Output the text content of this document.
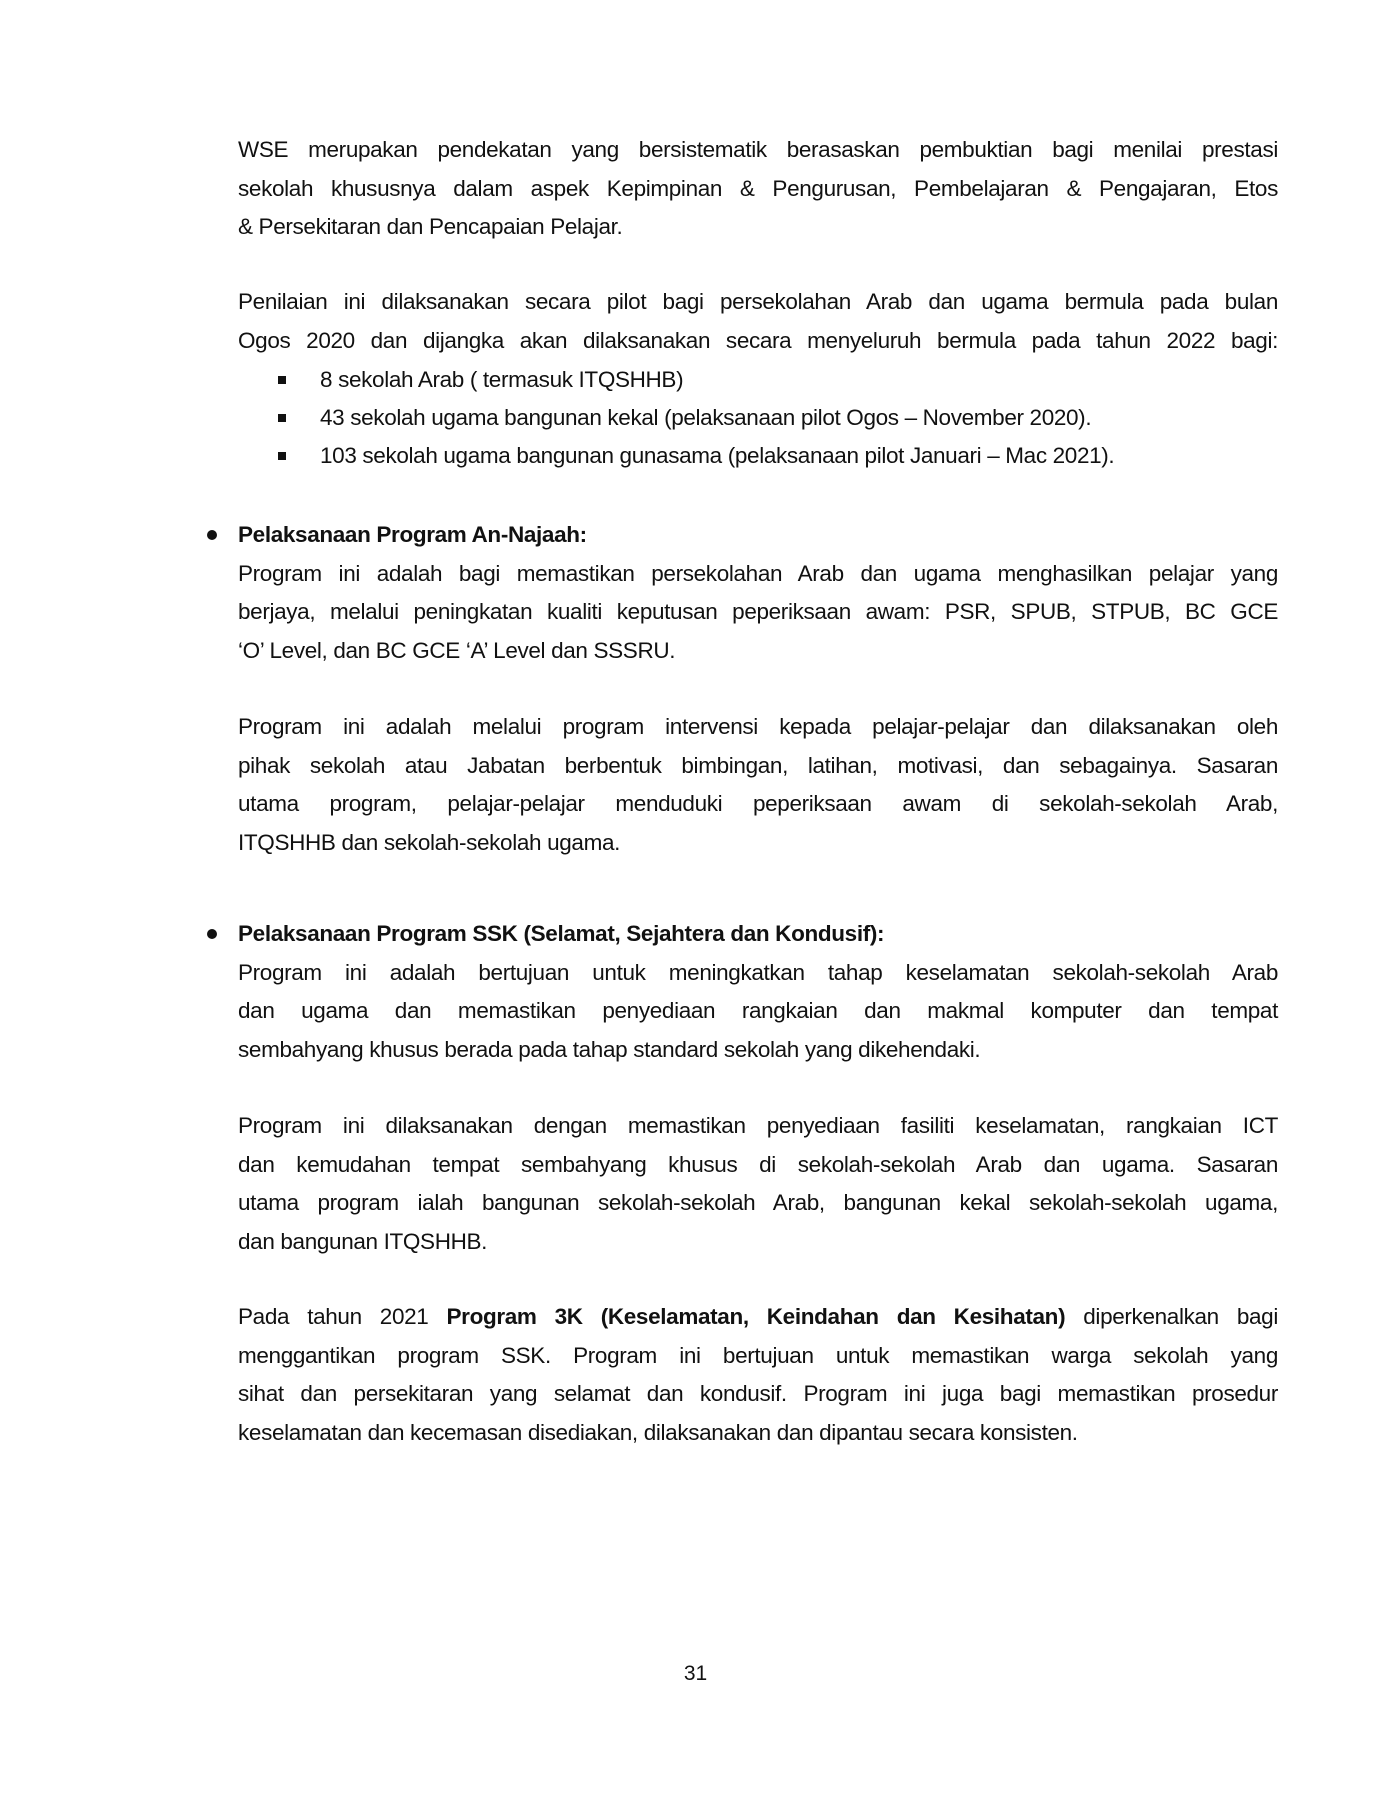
WSE merupakan pendekatan yang bersistematik berasaskan pembuktian bagi menilai prestasi
sekolah khususnya dalam aspek Kepimpinan & Pengurusan, Pembelajaran & Pengajaran, Etos
& Persekitaran dan Pencapaian Pelajar.
Penilaian ini dilaksanakan secara pilot bagi persekolahan Arab dan ugama bermula pada bulan
Ogos 2020 dan dijangka akan dilaksanakan secara menyeluruh bermula pada tahun 2022 bagi:
8 sekolah Arab ( termasuk ITQSHHB)
43 sekolah ugama bangunan kekal (pelaksanaan pilot Ogos – November 2020).
103 sekolah ugama bangunan gunasama (pelaksanaan pilot Januari – Mac 2021).
Pelaksanaan Program An-Najaah:
Program ini adalah bagi memastikan persekolahan Arab dan ugama menghasilkan pelajar yang
berjaya, melalui peningkatan kualiti keputusan peperiksaan awam: PSR, SPUB, STPUB, BC GCE
‘O’ Level, dan BC GCE ‘A’ Level dan SSSRU.
Program ini adalah melalui program intervensi kepada pelajar-pelajar dan dilaksanakan oleh
pihak sekolah atau Jabatan berbentuk bimbingan, latihan, motivasi, dan sebagainya. Sasaran
utama program, pelajar-pelajar menduduki peperiksaan awam di sekolah-sekolah Arab,
ITQSHHB dan sekolah-sekolah ugama.
Pelaksanaan Program SSK (Selamat, Sejahtera dan Kondusif):
Program ini adalah bertujuan untuk meningkatkan tahap keselamatan sekolah-sekolah Arab
dan ugama dan memastikan penyediaan rangkaian dan makmal komputer dan tempat
sembahyang khusus berada pada tahap standard sekolah yang dikehendaki.
Program ini dilaksanakan dengan memastikan penyediaan fasiliti keselamatan, rangkaian ICT
dan kemudahan tempat sembahyang khusus di sekolah-sekolah Arab dan ugama. Sasaran
utama program ialah bangunan sekolah-sekolah Arab, bangunan kekal sekolah-sekolah ugama,
dan bangunan ITQSHHB.
Pada tahun 2021 Program 3K (Keselamatan, Keindahan dan Kesihatan) diperkenalkan bagi
menggantikan program SSK. Program ini bertujuan untuk memastikan warga sekolah yang
sihat dan persekitaran yang selamat dan kondusif. Program ini juga bagi memastikan prosedur
keselamatan dan kecemasan disediakan, dilaksanakan dan dipantau secara konsisten.
31
